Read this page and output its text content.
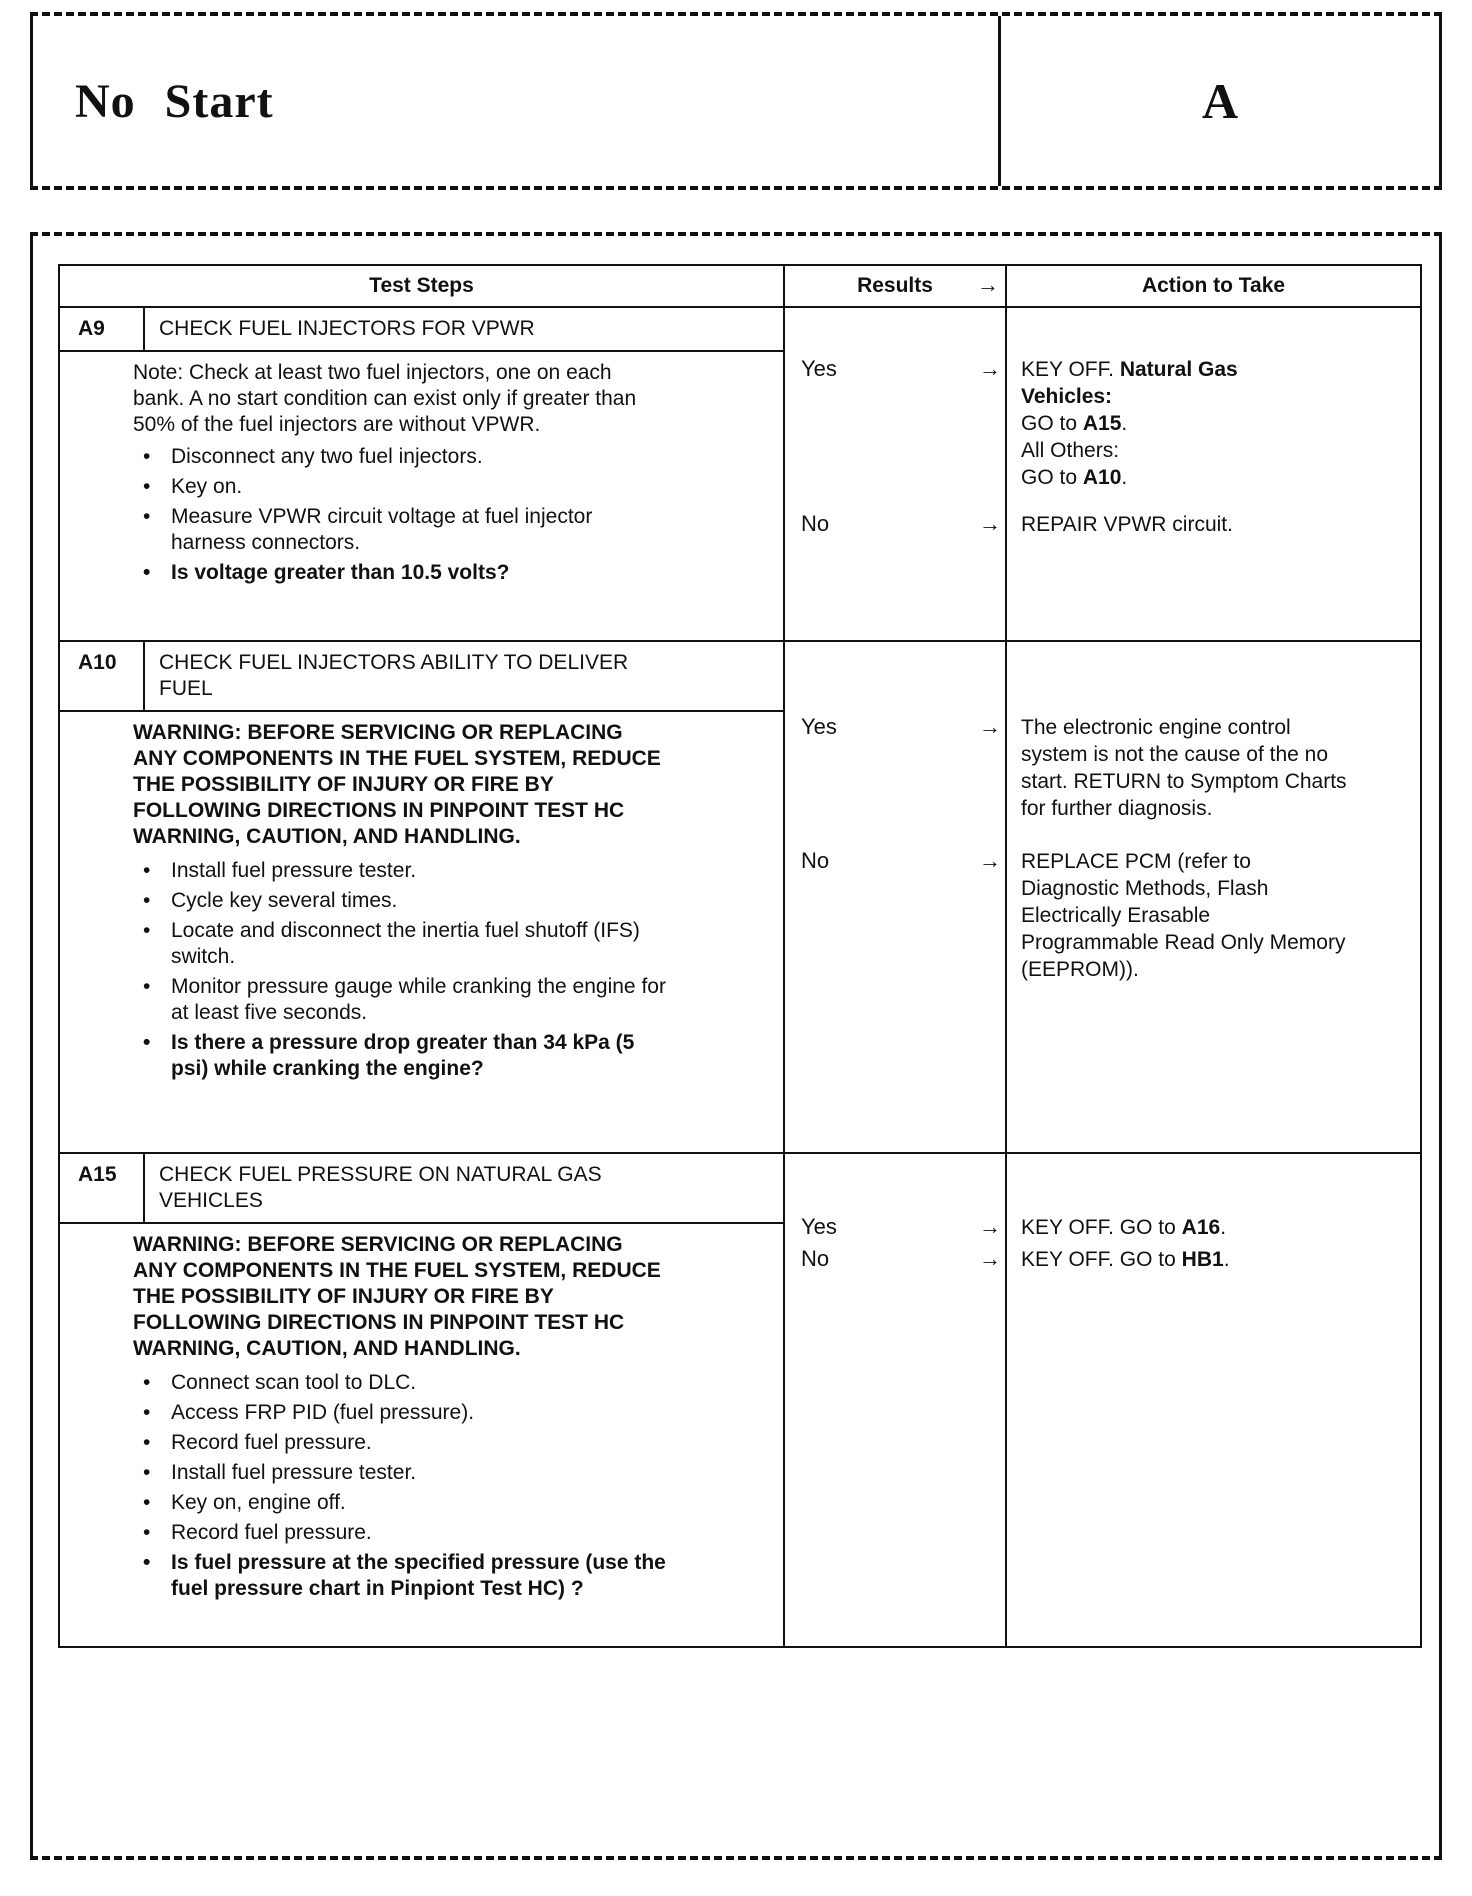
No Start	A
Test Steps	Results →	Action to Take
A9	CHECK FUEL INJECTORS FOR VPWR

Note: Check at least two fuel injectors, one on each bank. A no start condition can exist only if greater than 50% of the fuel injectors are without VPWR.

• Disconnect any two fuel injectors.
• Key on.
• Measure VPWR circuit voltage at fuel injector harness connectors.
• Is voltage greater than 10.5 volts?
Yes	→ KEY OFF. Natural Gas
Vehicles:
GO to A15.
All Others:
GO to A10.
No	→ REPAIR VPWR circuit.
A10	CHECK FUEL INJECTORS ABILITY TO DELIVER FUEL

WARNING: BEFORE SERVICING OR REPLACING ANY COMPONENTS IN THE FUEL SYSTEM, REDUCE THE POSSIBILITY OF INJURY OR FIRE BY FOLLOWING DIRECTIONS IN PINPOINT TEST HC WARNING, CAUTION, AND HANDLING.

• Install fuel pressure tester.
• Cycle key several times.
• Locate and disconnect the inertia fuel shutoff (IFS) switch.
• Monitor pressure gauge while cranking the engine for at least five seconds.
• Is there a pressure drop greater than 34 kPa (5 psi) while cranking the engine?
Yes	→ The electronic engine control system is not the cause of the no start. RETURN to Symptom Charts for further diagnosis.
No	→ REPLACE PCM (refer to Diagnostic Methods, Flash Electrically Erasable Programmable Read Only Memory (EEPROM)).
A15	CHECK FUEL PRESSURE ON NATURAL GAS VEHICLES

WARNING: BEFORE SERVICING OR REPLACING ANY COMPONENTS IN THE FUEL SYSTEM, REDUCE THE POSSIBILITY OF INJURY OR FIRE BY FOLLOWING DIRECTIONS IN PINPOINT TEST HC WARNING, CAUTION, AND HANDLING.

• Connect scan tool to DLC.
• Access FRP PID (fuel pressure).
• Record fuel pressure.
• Install fuel pressure tester.
• Key on, engine off.
• Record fuel pressure.
• Is fuel pressure at the specified pressure (use the fuel pressure chart in Pinpiont Test HC) ?
Yes	→ KEY OFF. GO to A16.
No	→ KEY OFF. GO to HB1.
